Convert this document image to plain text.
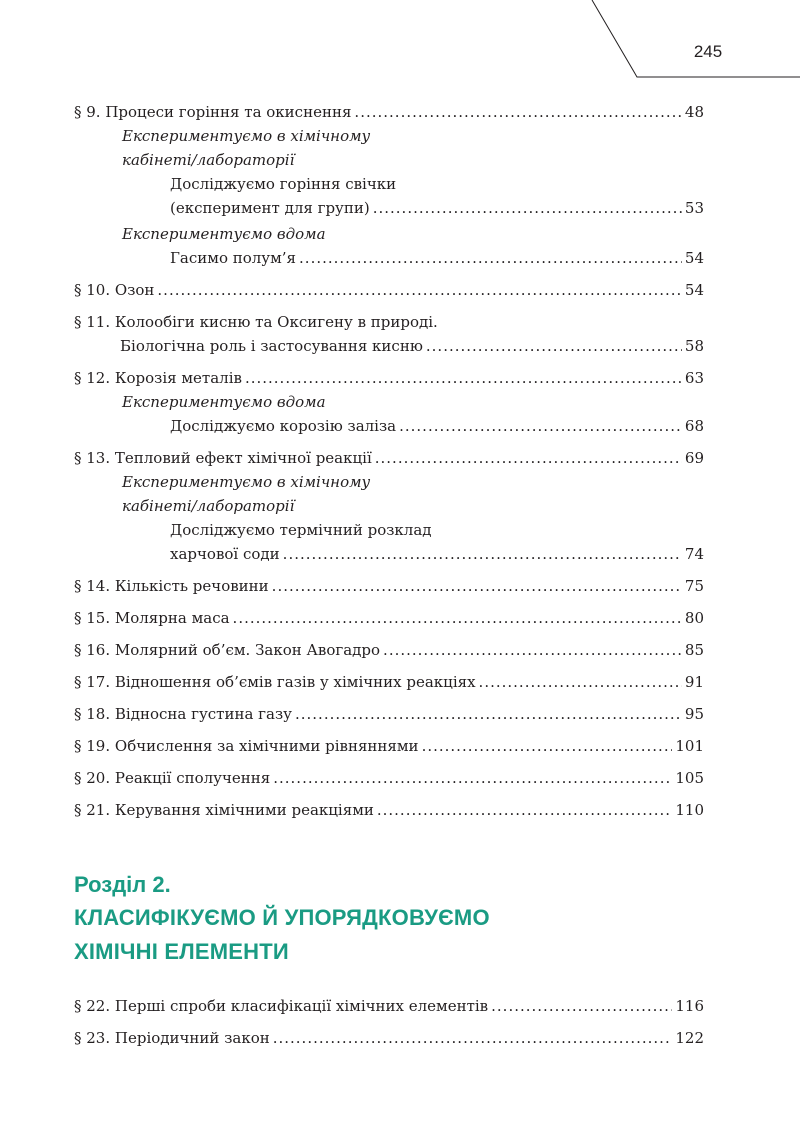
245
§ 9. Процеси горіння та окиснення .....	48
Експериментуємо в хімічному
кабінеті/лабораторії
Досліджуємо горіння свічки
(експеримент для групи) .....	53
Експериментуємо вдома
Гасимо полум’я .....	54
§ 10. Озон .....	54
§ 11. Колообіги кисню та Оксигену в природі.
Біологічна роль і застосування кисню .....	58
§ 12. Корозія металів .....	63
Експериментуємо вдома
Досліджуємо корозію заліза .....	68
§ 13. Тепловий ефект хімічної реакції .....	69
Експериментуємо в хімічному
кабінеті/лабораторії
Досліджуємо термічний розклад
харчової соди .....	74
§ 14. Кількість речовини .....	75
§ 15. Молярна маса .....	80
§ 16. Молярний об’єм. Закон Авогадро .....	85
§ 17. Відношення об’ємів газів у хімічних реакціях .....	91
§ 18. Відносна густина газу .....	95
§ 19. Обчислення за хімічними рівняннями .....	101
§ 20. Реакції сполучення .....	105
§ 21. Керування хімічними реакціями .....	110
Розділ 2.
КЛАСИФІКУЄМО Й УПОРЯДКОВУЄМО
ХІМІЧНІ ЕЛЕМЕНТИ
§ 22. Перші спроби класифікації хімічних елементів .....	116
§ 23. Періодичний закон .....	122
